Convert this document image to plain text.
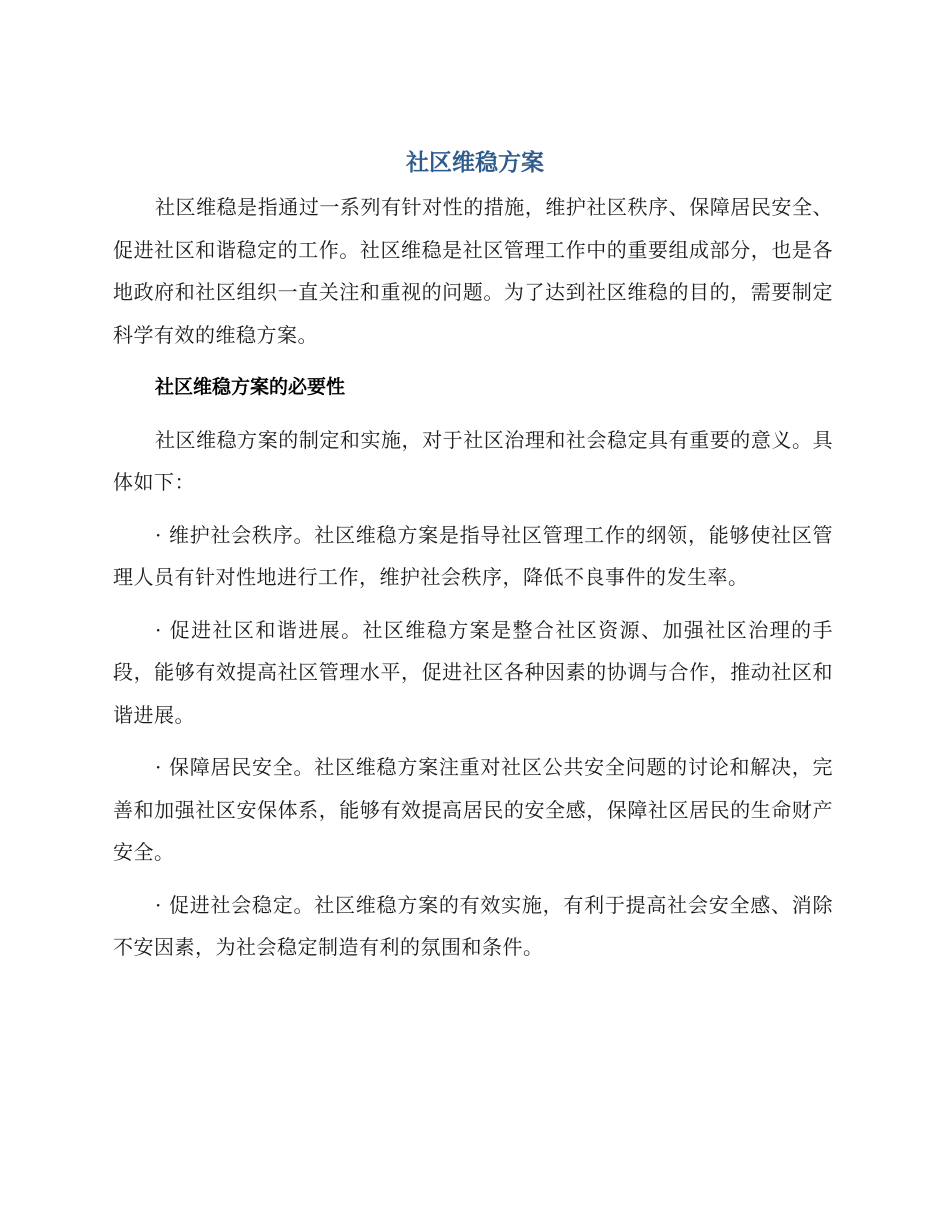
社区维稳方案

社区维稳是指通过一系列有针对性的措施，维护社区秩序、保障居民安全、促进社区和谐稳定的工作。社区维稳是社区管理工作中的重要组成部分，也是各地政府和社区组织一直关注和重视的问题。为了达到社区维稳的目的，需要制定科学有效的维稳方案。

社区维稳方案的必要性

社区维稳方案的制定和实施，对于社区治理和社会稳定具有重要的意义。具体如下：

· 维护社会秩序。社区维稳方案是指导社区管理工作的纲领，能够使社区管理人员有针对性地进行工作，维护社会秩序，降低不良事件的发生率。

· 促进社区和谐进展。社区维稳方案是整合社区资源、加强社区治理的手段，能够有效提高社区管理水平，促进社区各种因素的协调与合作，推动社区和谐进展。

· 保障居民安全。社区维稳方案注重对社区公共安全问题的讨论和解决，完善和加强社区安保体系，能够有效提高居民的安全感，保障社区居民的生命财产安全。

· 促进社会稳定。社区维稳方案的有效实施，有利于提高社会安全感、消除不安因素，为社会稳定制造有利的氛围和条件。
